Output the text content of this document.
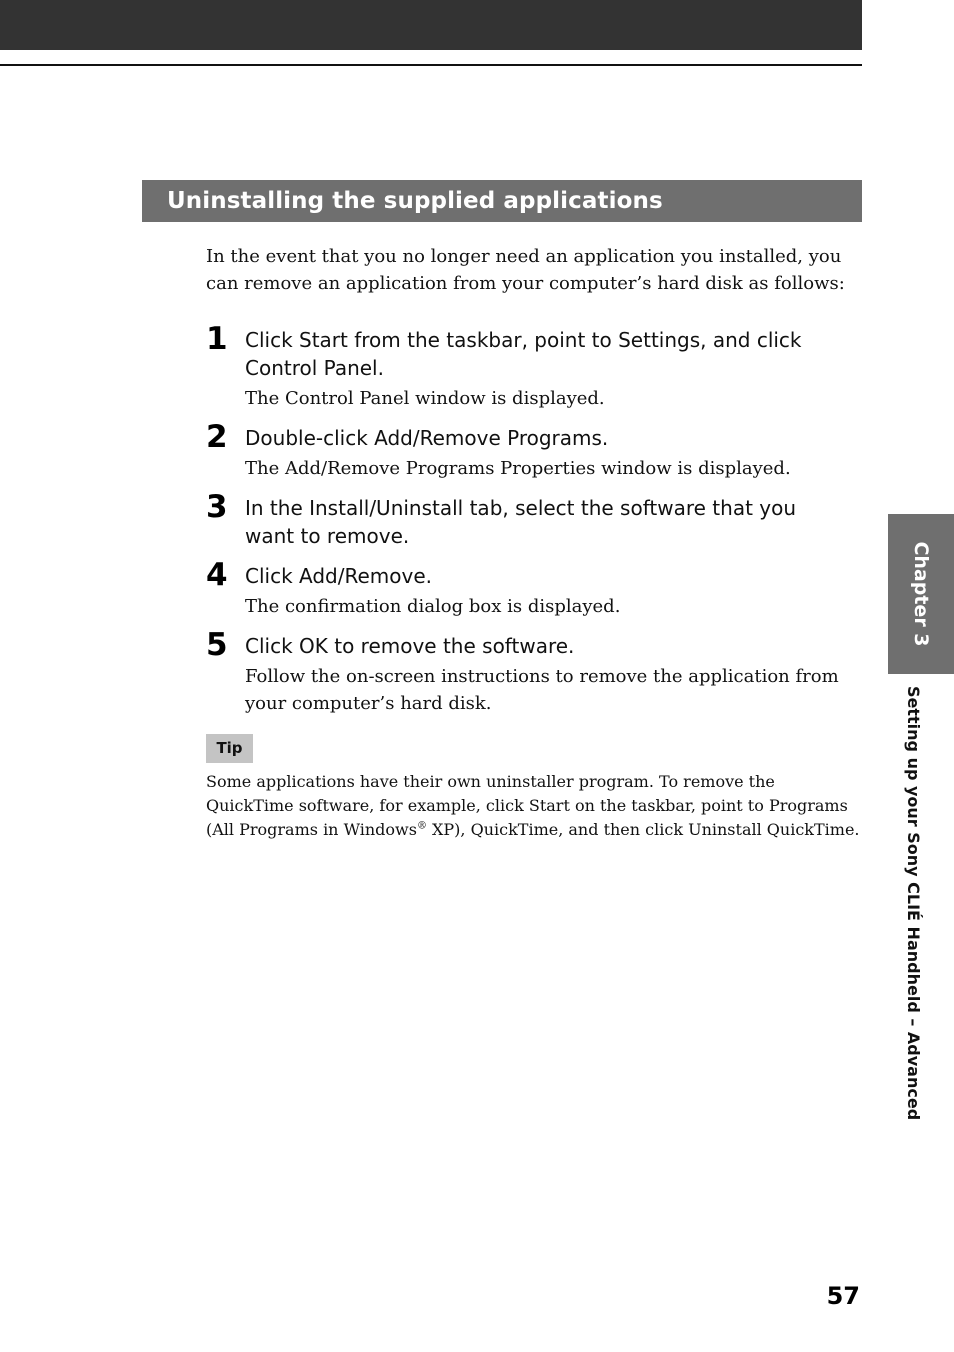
Uninstalling the supplied applications

In the event that you no longer need an application you installed, you can remove an application from your computer’s hard disk as follows:

1 Click Start from the taskbar, point to Settings, and click Control Panel.
The Control Panel window is displayed.
2 Double-click Add/Remove Programs.
The Add/Remove Programs Properties window is displayed.
3 In the Install/Uninstall tab, select the software that you want to remove.
4 Click Add/Remove.
The confirmation dialog box is displayed.
5 Click OK to remove the software.
Follow the on-screen instructions to remove the application from your computer’s hard disk.
Tip

Some applications have their own uninstaller program. To remove the QuickTime software, for example, click Start on the taskbar, point to Programs (All Programs in Windows® XP), QuickTime, and then click Uninstall QuickTime.

Chapter 3
Setting up your Sony CLIÉ Handheld – Advanced
57
